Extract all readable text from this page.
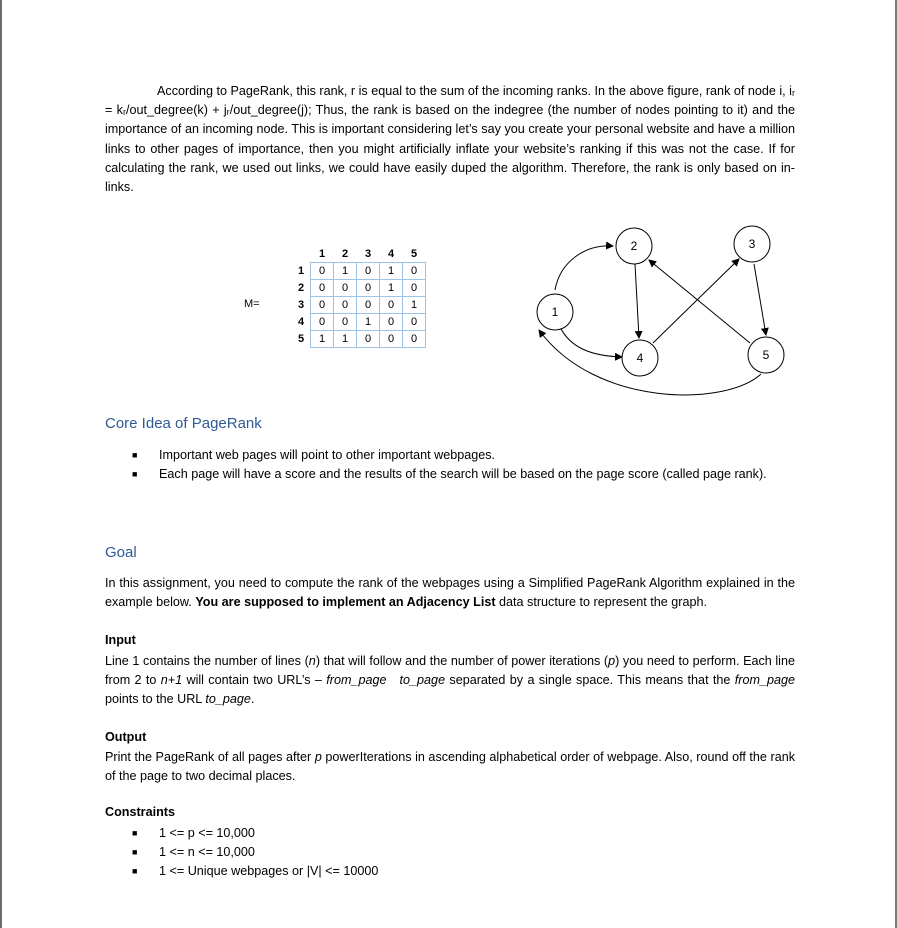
According to PageRank, this rank, r is equal to the sum of the incoming ranks. In the above figure, rank of node i, iᵣ = kᵣ/out_degree(k) + jᵣ/out_degree(j); Thus, the rank is based on the indegree (the number of nodes pointing to it) and the importance of an incoming node. This is important considering let’s say you create your personal website and have a million links to other pages of importance, then you might artificially inflate your website’s ranking if this was not the case. If for calculating the rank, we used out links, we could have easily duped the algorithm. Therefore, the rank is only based on in-links.

M=
	1	2	3	4	5
1	0	1	0	1	0
2	0	0	0	1	0
3	0	0	0	0	1
4	0	0	1	0	0
5	1	1	0	0	0
1
2	3
4	5
Core Idea of PageRank
■ Important web pages will point to other important webpages.
■ Each page will have a score and the results of the search will be based on the page score (called page rank).
Goal

In this assignment, you need to compute the rank of the webpages using a Simplified PageRank Algorithm explained in the example below. You are supposed to implement an Adjacency List data structure to represent the graph.

Input

Line 1 contains the number of lines (n) that will follow and the number of power iterations (p) you need to perform. Each line from 2 to n+1 will contain two URL’s – from_page to_page separated by a single space. This means that the from_page points to the URL to_page.

Output

Print the PageRank of all pages after p powerIterations in ascending alphabetical order of webpage. Also, round off the rank of the page to two decimal places.

Constraints
■ 1 <= p <= 10,000
■ 1 <= n <= 10,000
■ 1 <= Unique webpages or |V| <= 10000
